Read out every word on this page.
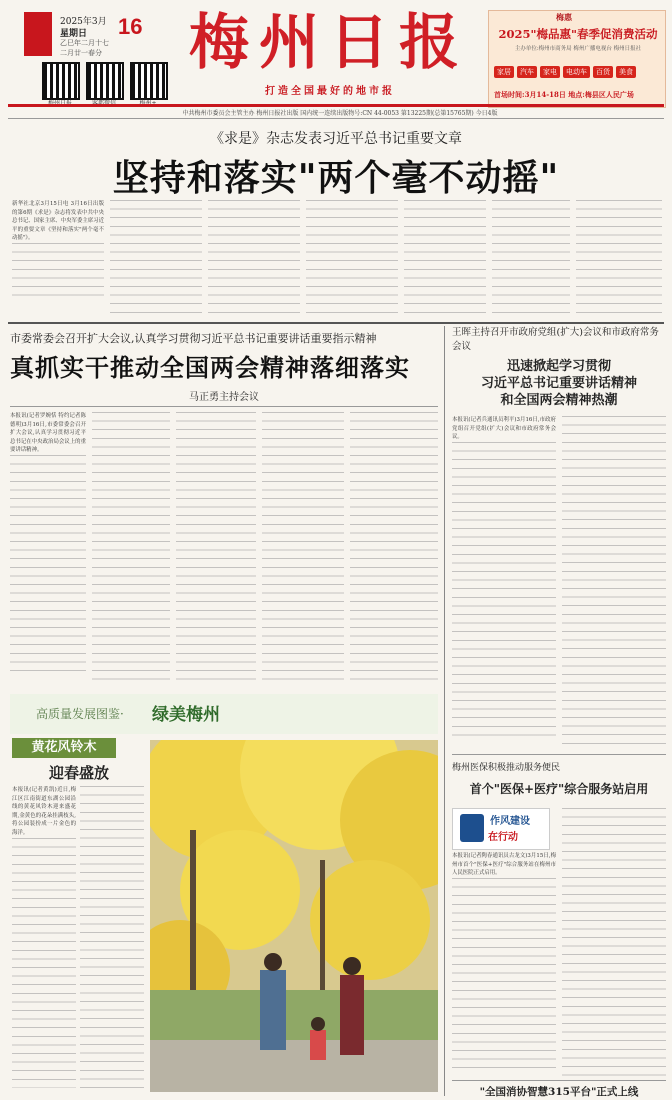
2025年3月 16
星期日
乙巳年二月十七
二月廿一春分 梅州日报
打造全国最好的地市报
梅惠
2025"梅品惠"春季促消费活动
主办单位:梅州市商务局 梅州广播电视台 梅州日报社
家居	汽车	家电	电动车	百货	美食
首场时间:3月14-18日 地点:梅县区人民广场
中共梅州市委员会主管主办 梅州日报社出版 国内统一连续出版物号:CN 44-0053 第13225期(总第15765期) 今日4版
《求是》杂志发表习近平总书记重要文章
坚持和落实"两个毫不动摇"
新华社北京3月15日电 3月16日出版的第6期《求是》杂志将发表中共中央总书记、国家主席、中央军委主席习近平的重要文章《坚持和落实"两个毫不动摇"》。
市委常委会召开扩大会议,认真学习贯彻习近平总书记重要讲话重要指示精神
真抓实干推动全国两会精神落细落实
马正勇主持会议
本报讯(记者罗婉恬 特约记者陈德明)3月16日,市委常委会召开扩大会议,认真学习贯彻习近平总书记在中央政治局会议上的重要讲话精神。
王晖主持召开市政府党组(扩大)会议和市政府常务会议
迅速掀起学习贯彻
习近平总书记重要讲话精神
和全国两会精神热潮
本报讯(记者兵通讯员利平)3月16日,市政府党组召开党组(扩大)会议和市政府常务会议。
高质量发展图鉴· 绿美梅州
黄花风铃木
迎春盛放
本报讯(记者黄凯)近日,梅江区江南街道东湖公园沿线的黄花风铃木迎来盛花期,金黄色的花朵挂满枝头,将公园装扮成一片金色的海洋。
梅州医保积极推动服务便民
首个"医保+医疗"综合服务站启用
作风建设
在行动
本报讯(记者陶春通讯员古龙文)3月15日,梅州市首个"医保+医疗"综合服务站在梅州市人民医院正式启用。
"全国消协智慧315平台"正式上线
